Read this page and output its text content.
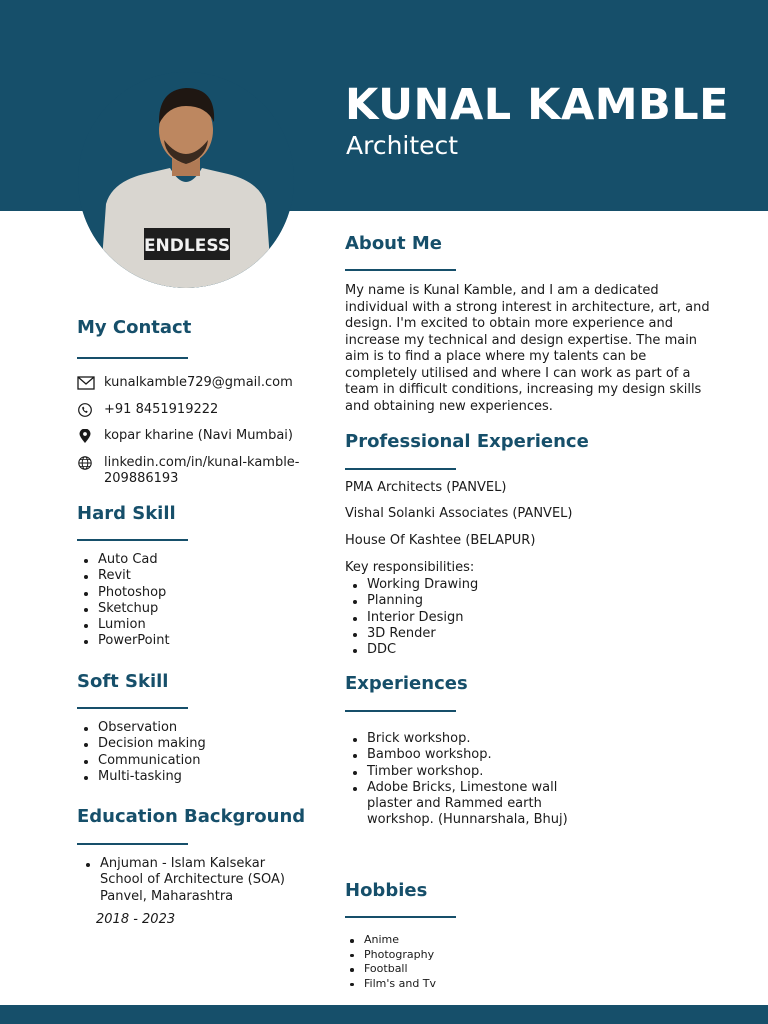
ENDLESS
KUNAL KAMBLE
Architect
My Contact
kunalkamble729@gmail.com
+91 8451919222
kopar kharine (Navi Mumbai)
linkedin.com/in/kunal-kamble-
209886193
Hard Skill
Auto Cad
Revit
Photoshop
Sketchup
Lumion
PowerPoint
Soft Skill
Observation
Decision making
Communication
Multi-tasking
Education Background
Anjuman - Islam Kalsekar
School of Architecture (SOA)
Panvel, Maharashtra
2018 - 2023
About Me
My name is Kunal Kamble, and I am a dedicated individual with a strong interest in architecture, art, and design. I'm excited to obtain more experience and increase my technical and design expertise. The main aim is to find a place where my talents can be completely utilised and where I can work as part of a team in difficult conditions, increasing my design skills and obtaining new experiences.
Professional Experience
PMA Architects (PANVEL)
Vishal Solanki Associates (PANVEL)
House Of Kashtee (BELAPUR)
Key responsibilities:
Working Drawing
Planning
Interior Design
3D Render
DDC
Experiences
Brick workshop.
Bamboo workshop.
Timber workshop.
Adobe Bricks, Limestone wall
plaster and Rammed earth
workshop. (Hunnarshala, Bhuj)
Hobbies
Anime
Photography
Football
Film's and Tv
